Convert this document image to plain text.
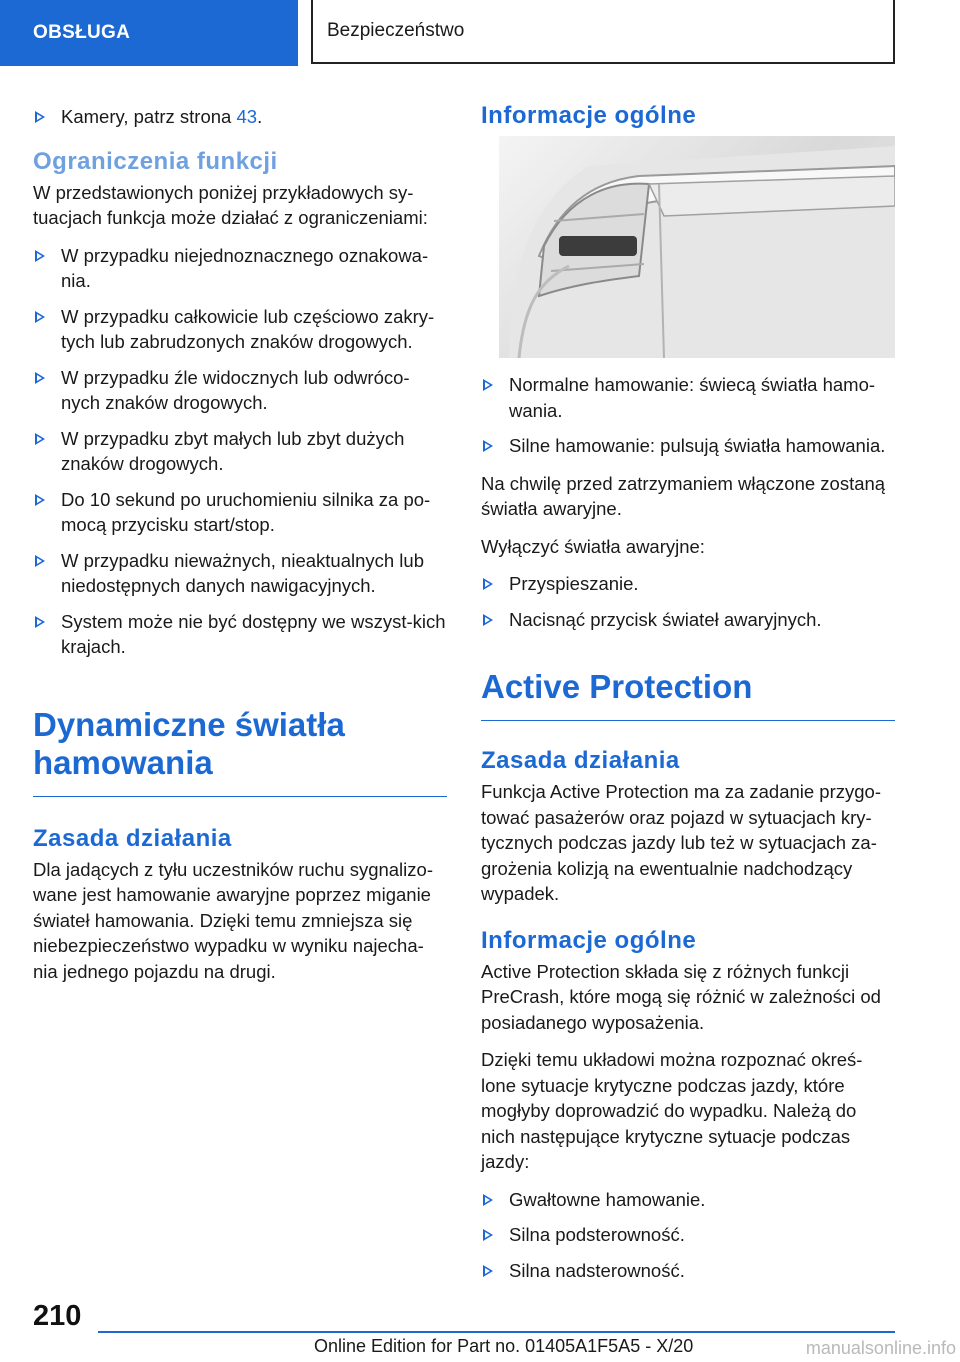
OBSŁUGA	Bezpieczeństwo
Kamery, patrz strona 43.
Ograniczenia funkcji

W przedstawionych poniżej przykładowych sy-tuacjach funkcja może działać z ograniczeniami:

W przypadku niejednoznacznego oznakowa-nia.
W przypadku całkowicie lub częściowo zakry-tych lub zabrudzonych znaków drogowych.
W przypadku źle widocznych lub odwróco-nych znaków drogowych.
W przypadku zbyt małych lub zbyt dużych znaków drogowych.
Do 10 sekund po uruchomieniu silnika za po-mocą przycisku start/stop.
W przypadku nieważnych, nieaktualnych lub niedostępnych danych nawigacyjnych.
System może nie być dostępny we wszyst-kich krajach.
Dynamiczne światła
hamowania
Zasada działania

Dla jadących z tyłu uczestników ruchu sygnalizo-wane jest hamowanie awaryjne poprzez miganie świateł hamowania. Dzięki temu zmniejsza się niebezpieczeństwo wypadku w wyniku najecha-nia jednego pojazdu na drugi.

Informacje ogólne
Normalne hamowanie: świecą światła hamo-wania.
Silne hamowanie: pulsują światła hamowania.

Na chwilę przed zatrzymaniem włączone zostaną światła awaryjne.

Wyłączyć światła awaryjne:

Przyspieszanie.
Nacisnąć przycisk świateł awaryjnych.
Active Protection
Zasada działania

Funkcja Active Protection ma za zadanie przygo-tować pasażerów oraz pojazd w sytuacjach kry-tycznych podczas jazdy lub też w sytuacjach za-grożenia kolizją na ewentualnie nadchodzący wypadek.

Informacje ogólne

Active Protection składa się z różnych funkcji PreCrash, które mogą się różnić w zależności od posiadanego wyposażenia.

Dzięki temu układowi można rozpoznać okreś-lone sytuacje krytyczne podczas jazdy, które mogłyby doprowadzić do wypadku. Należą do nich następujące krytyczne sytuacje podczas jazdy:

Gwałtowne hamowanie.
Silna podsterowność.
Silna nadsterowność.
210
Online Edition for Part no. 01405A1F5A5 - X/20	manualsonline.info
